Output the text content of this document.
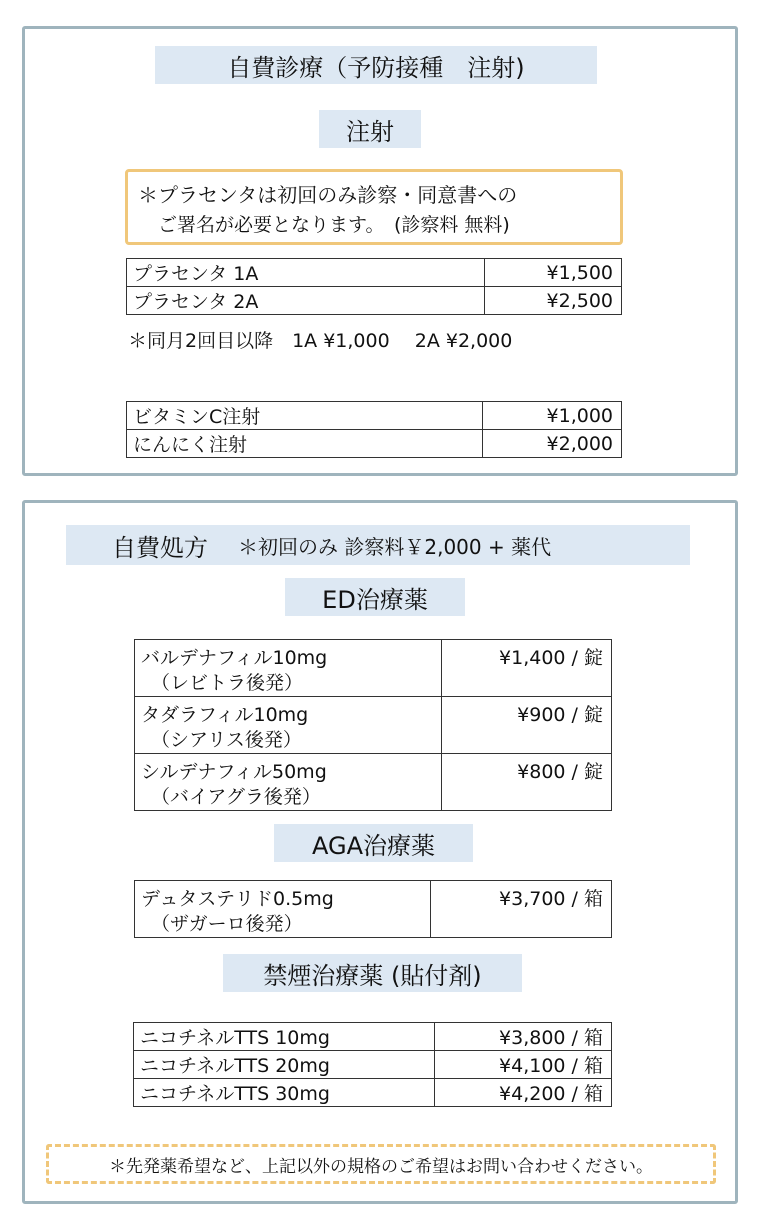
自費診療（予防接種　注射)
注射
＊プラセンタは初回のみ診察・同意書への
ご署名が必要となります。　(診察料 無料)
プラセンタ 1A	¥1,500
プラセンタ 2A	¥2,500
＊同月2回目以降　1A ¥1,000　 2A ¥2,000
ビタミンC注射	¥1,000
にんにく注射	¥2,000
自費処方 ＊初回のみ 診察料￥2,000 + 薬代
ED治療薬
バルデナフィル10mg
（レビトラ後発）	¥1,400 / 錠
タダラフィル10mg
（シアリス後発）	¥900 / 錠
シルデナフィル50mg
（バイアグラ後発）	¥800 / 錠
AGA治療薬
デュタステリド0.5mg
（ザガーロ後発）
	¥3,700 / 箱
禁煙治療薬 (貼付剤)
ニコチネルTTS 10mg	¥3,800 / 箱
ニコチネルTTS 20mg	¥4,100 / 箱
ニコチネルTTS 30mg	¥4,200 / 箱
＊先発薬希望など、上記以外の規格のご希望はお問い合わせください。
